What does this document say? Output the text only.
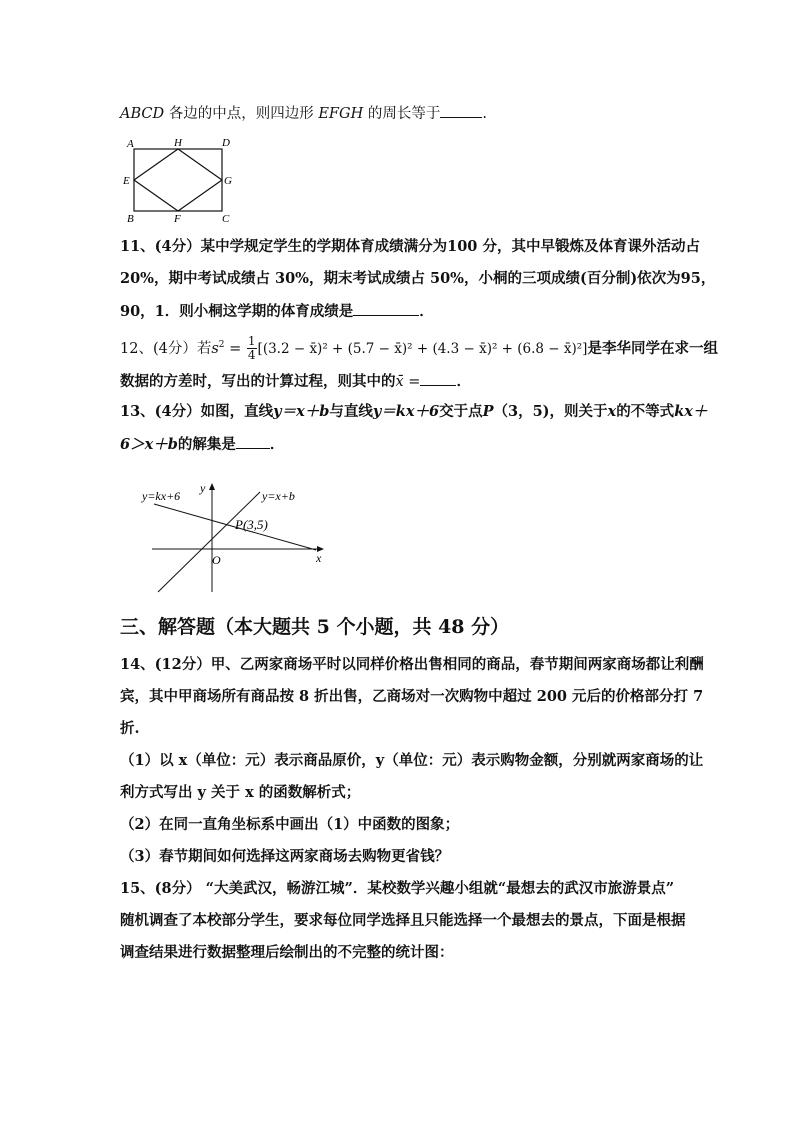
ABCD 各边的中点，则四边形 EFGH 的周长等于	.
A	H	D
E	G
B	F	C
11、(4分）某中学规定学生的学期体育成绩满分为100 分，其中早锻炼及体育课外活动占
20%，期中考试成绩占 30%，期末考试成绩占 50%，小桐的三项成绩(百分制)依次为95，
90，1．则小桐这学期的体育成绩是	．
12、(4分）若$s^2 = \frac{1}{4} [(3.2$ − x̄)² + (5.7 − x̄)² + (4.3 − x̄)² + (6.8 − x̄)²]是李华同学在求一组
数据的方差时，写出的计算过程，则其中的x̄ = ．
13、(4分）如图，直线y＝x＋b与直线y＝kx＋6交于点P（3，5)，则关于x的不等式kx＋
6＞x＋b的解集是 ．
y=kx+6	y=x+b
P(3,5)
y
x
O
三、解答题（本大题共 5 个小题，共 48 分）
14、(12分）甲、乙两家商场平时以同样价格出售相同的商品，春节期间两家商场都让利酬
宾，其中甲商场所有商品按 8 折出售，乙商场对一次购物中超过 200 元后的价格部分打 7
折.
（1）以 x（单位：元）表示商品原价，y（单位：元）表示购物金额，分别就两家商场的让
利方式写出 y 关于 x 的函数解析式；
（2）在同一直角坐标系中画出（1）中函数的图象；
（3）春节期间如何选择这两家商场去购物更省钱？
15、(8分） “大美武汉，畅游江城”．某校数学兴趣小组就“最想去的武汉市旅游景点”
随机调查了本校部分学生，要求每位同学选择且只能选择一个最想去的景点，下面是根据
调查结果进行数据整理后绘制出的不完整的统计图：
